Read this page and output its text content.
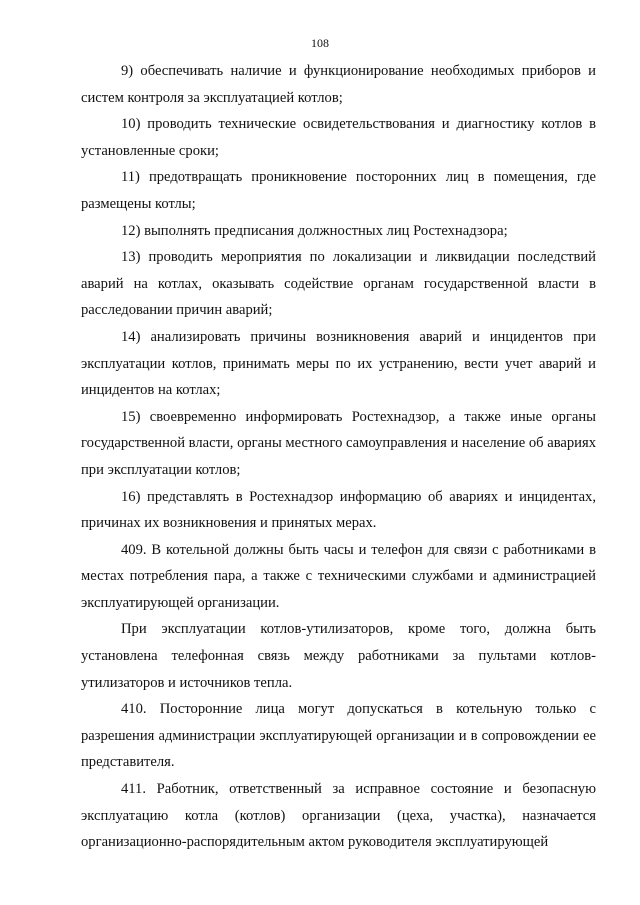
108

9) обеспечивать наличие и функционирование необходимых приборов и систем контроля за эксплуатацией котлов;

10) проводить технические освидетельствования и диагностику котлов в установленные сроки;

11) предотвращать проникновение посторонних лиц в помещения, где размещены котлы;

12) выполнять предписания должностных лиц Ростехнадзора;

13) проводить мероприятия по локализации и ликвидации последствий аварий на котлах, оказывать содействие органам государственной власти в расследовании причин аварий;

14) анализировать причины возникновения аварий и инцидентов при эксплуатации котлов, принимать меры по их устранению, вести учет аварий и инцидентов на котлах;

15) своевременно информировать Ростехнадзор, а также иные органы государственной власти, органы местного самоуправления и население об авариях при эксплуатации котлов;

16) представлять в Ростехнадзор информацию об авариях и инцидентах, причинах их возникновения и принятых мерах.

409. В котельной должны быть часы и телефон для связи с работниками в местах потребления пара, а также с техническими службами и администрацией эксплуатирующей организации.

При эксплуатации котлов-утилизаторов, кроме того, должна быть установлена телефонная связь между работниками за пультами котлов-утилизаторов и источников тепла.

410. Посторонние лица могут допускаться в котельную только с разрешения администрации эксплуатирующей организации и в сопровождении ее представителя.

411. Работник, ответственный за исправное состояние и безопасную эксплуатацию котла (котлов) организации (цеха, участка), назначается организационно-распорядительным актом руководителя эксплуатирующей
